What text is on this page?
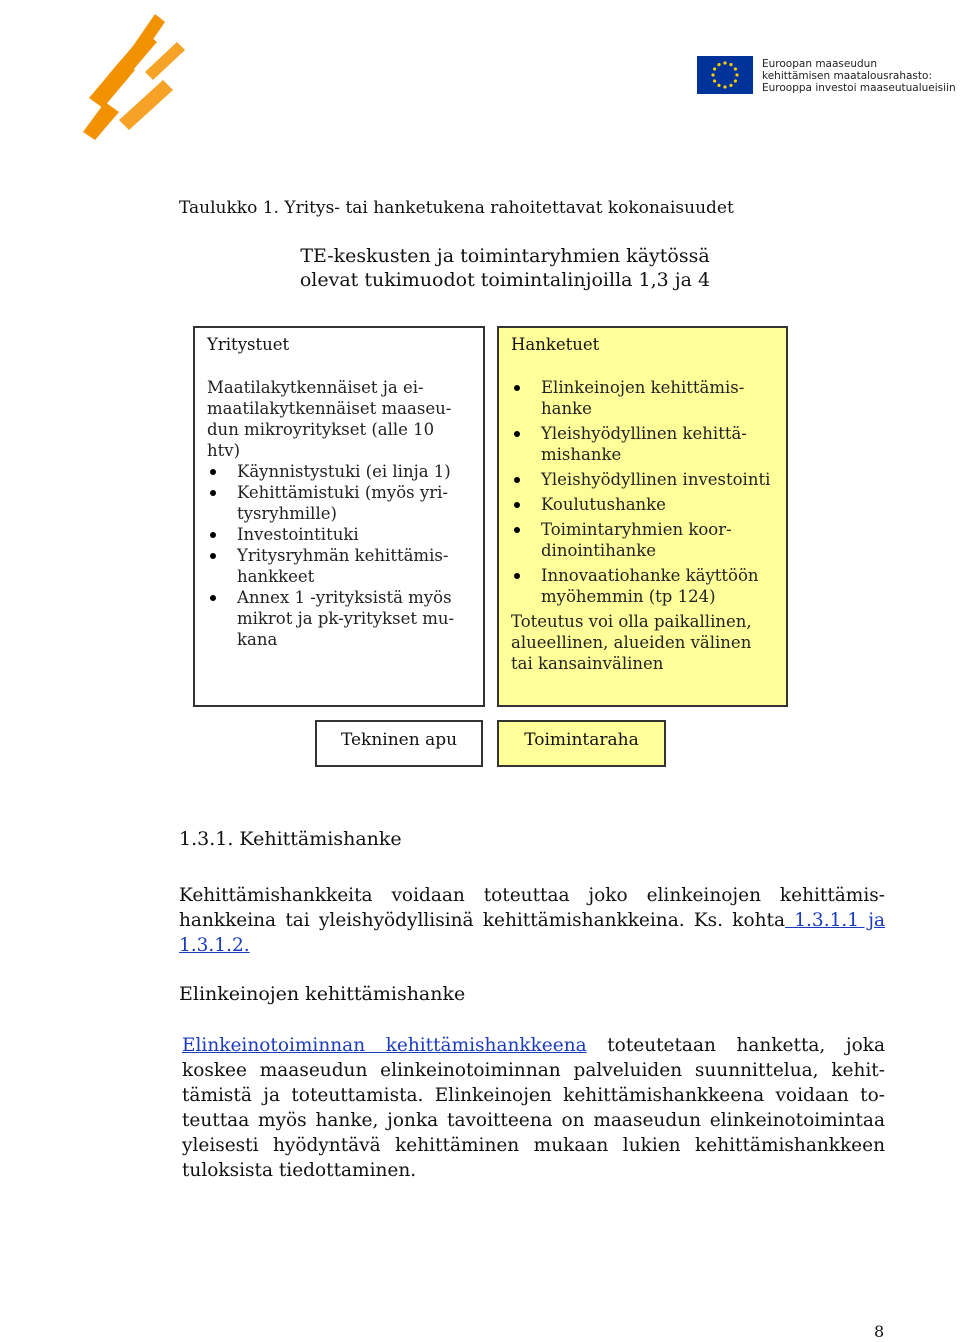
Euroopan maaseudun
kehittämisen maatalousrahasto:
Eurooppa investoi maaseutualueisiin
Taulukko 1. Yritys- tai hanketukena rahoitettavat kokonaisuudet
TE-keskusten ja toimintaryhmien käytössä
olevat tukimuodot toimintalinjoilla 1,3 ja 4
Yritystuet
Maatilakytkennäiset ja ei-maatilakytkennäiset maaseu-dun mikroyritykset (alle 10 htv)
Käynnistystuki (ei linja 1)
Kehittämistuki (myös yri-tysryhmille)
Investointituki
Yritysryhmän kehittämis-hankkeet
Annex 1 -yrityksistä myös mikrot ja pk-yritykset mu-kana
Hanketuet
Elinkeinojen kehittämis-hanke
Yleishyödyllinen kehittä-mishanke
Yleishyödyllinen investointi
Koulutushanke
Toimintaryhmien koor-dinointihanke
Innovaatiohanke käyttöön myöhemmin (tp 124)
Toteutus voi olla paikallinen, alueellinen, alueiden välinen tai kansainvälinen
Tekninen apu	Toimintaraha
1.3.1. Kehittämishanke
Kehittämishankkeita voidaan toteuttaa joko elinkeinojen kehittämis-hankkeina tai yleishyödyllisinä kehittämishankkeina. Ks. kohta 1.3.1.1 ja 1.3.1.2.
Elinkeinojen kehittämishanke
Elinkeinotoiminnan kehittämishankkeena toteutetaan hanketta, joka koskee maaseudun elinkeinotoiminnan palveluiden suunnittelua, kehit-tämistä ja toteuttamista. Elinkeinojen kehittämishankkeena voidaan to-teuttaa myös hanke, jonka tavoitteena on maaseudun elinkeinotoimintaa yleisesti hyödyntävä kehittäminen mukaan lukien kehittämishankkeen tuloksista tiedottaminen.
8
